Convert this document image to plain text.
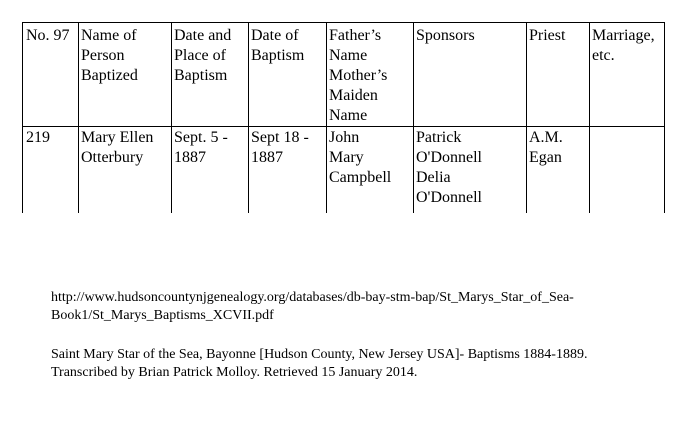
No. 97 Name of
Person
Baptized
Date and
Place of
Baptism
Date of
Baptism
Father’s
Name
Mother’s
Maiden
Name
Sponsors	Priest Marriage,
etc.
219 Mary Ellen
Otterbury
Sept. 5 -
1887
Sept 18 -
1887
John
Mary
Campbell
Patrick
O'Donnell
Delia
O'Donnell
A.M.
Egan
http://www.hudsoncountynjgenealogy.org/databases/db-bay-stm-bap/St_Marys_Star_of_Sea-
Book1/St_Marys_Baptisms_XCVII.pdf
Saint Mary Star of the Sea, Bayonne [Hudson County, New Jersey USA]- Baptisms 1884-1889.
Transcribed by Brian Patrick Molloy. Retrieved 15 January 2014.
